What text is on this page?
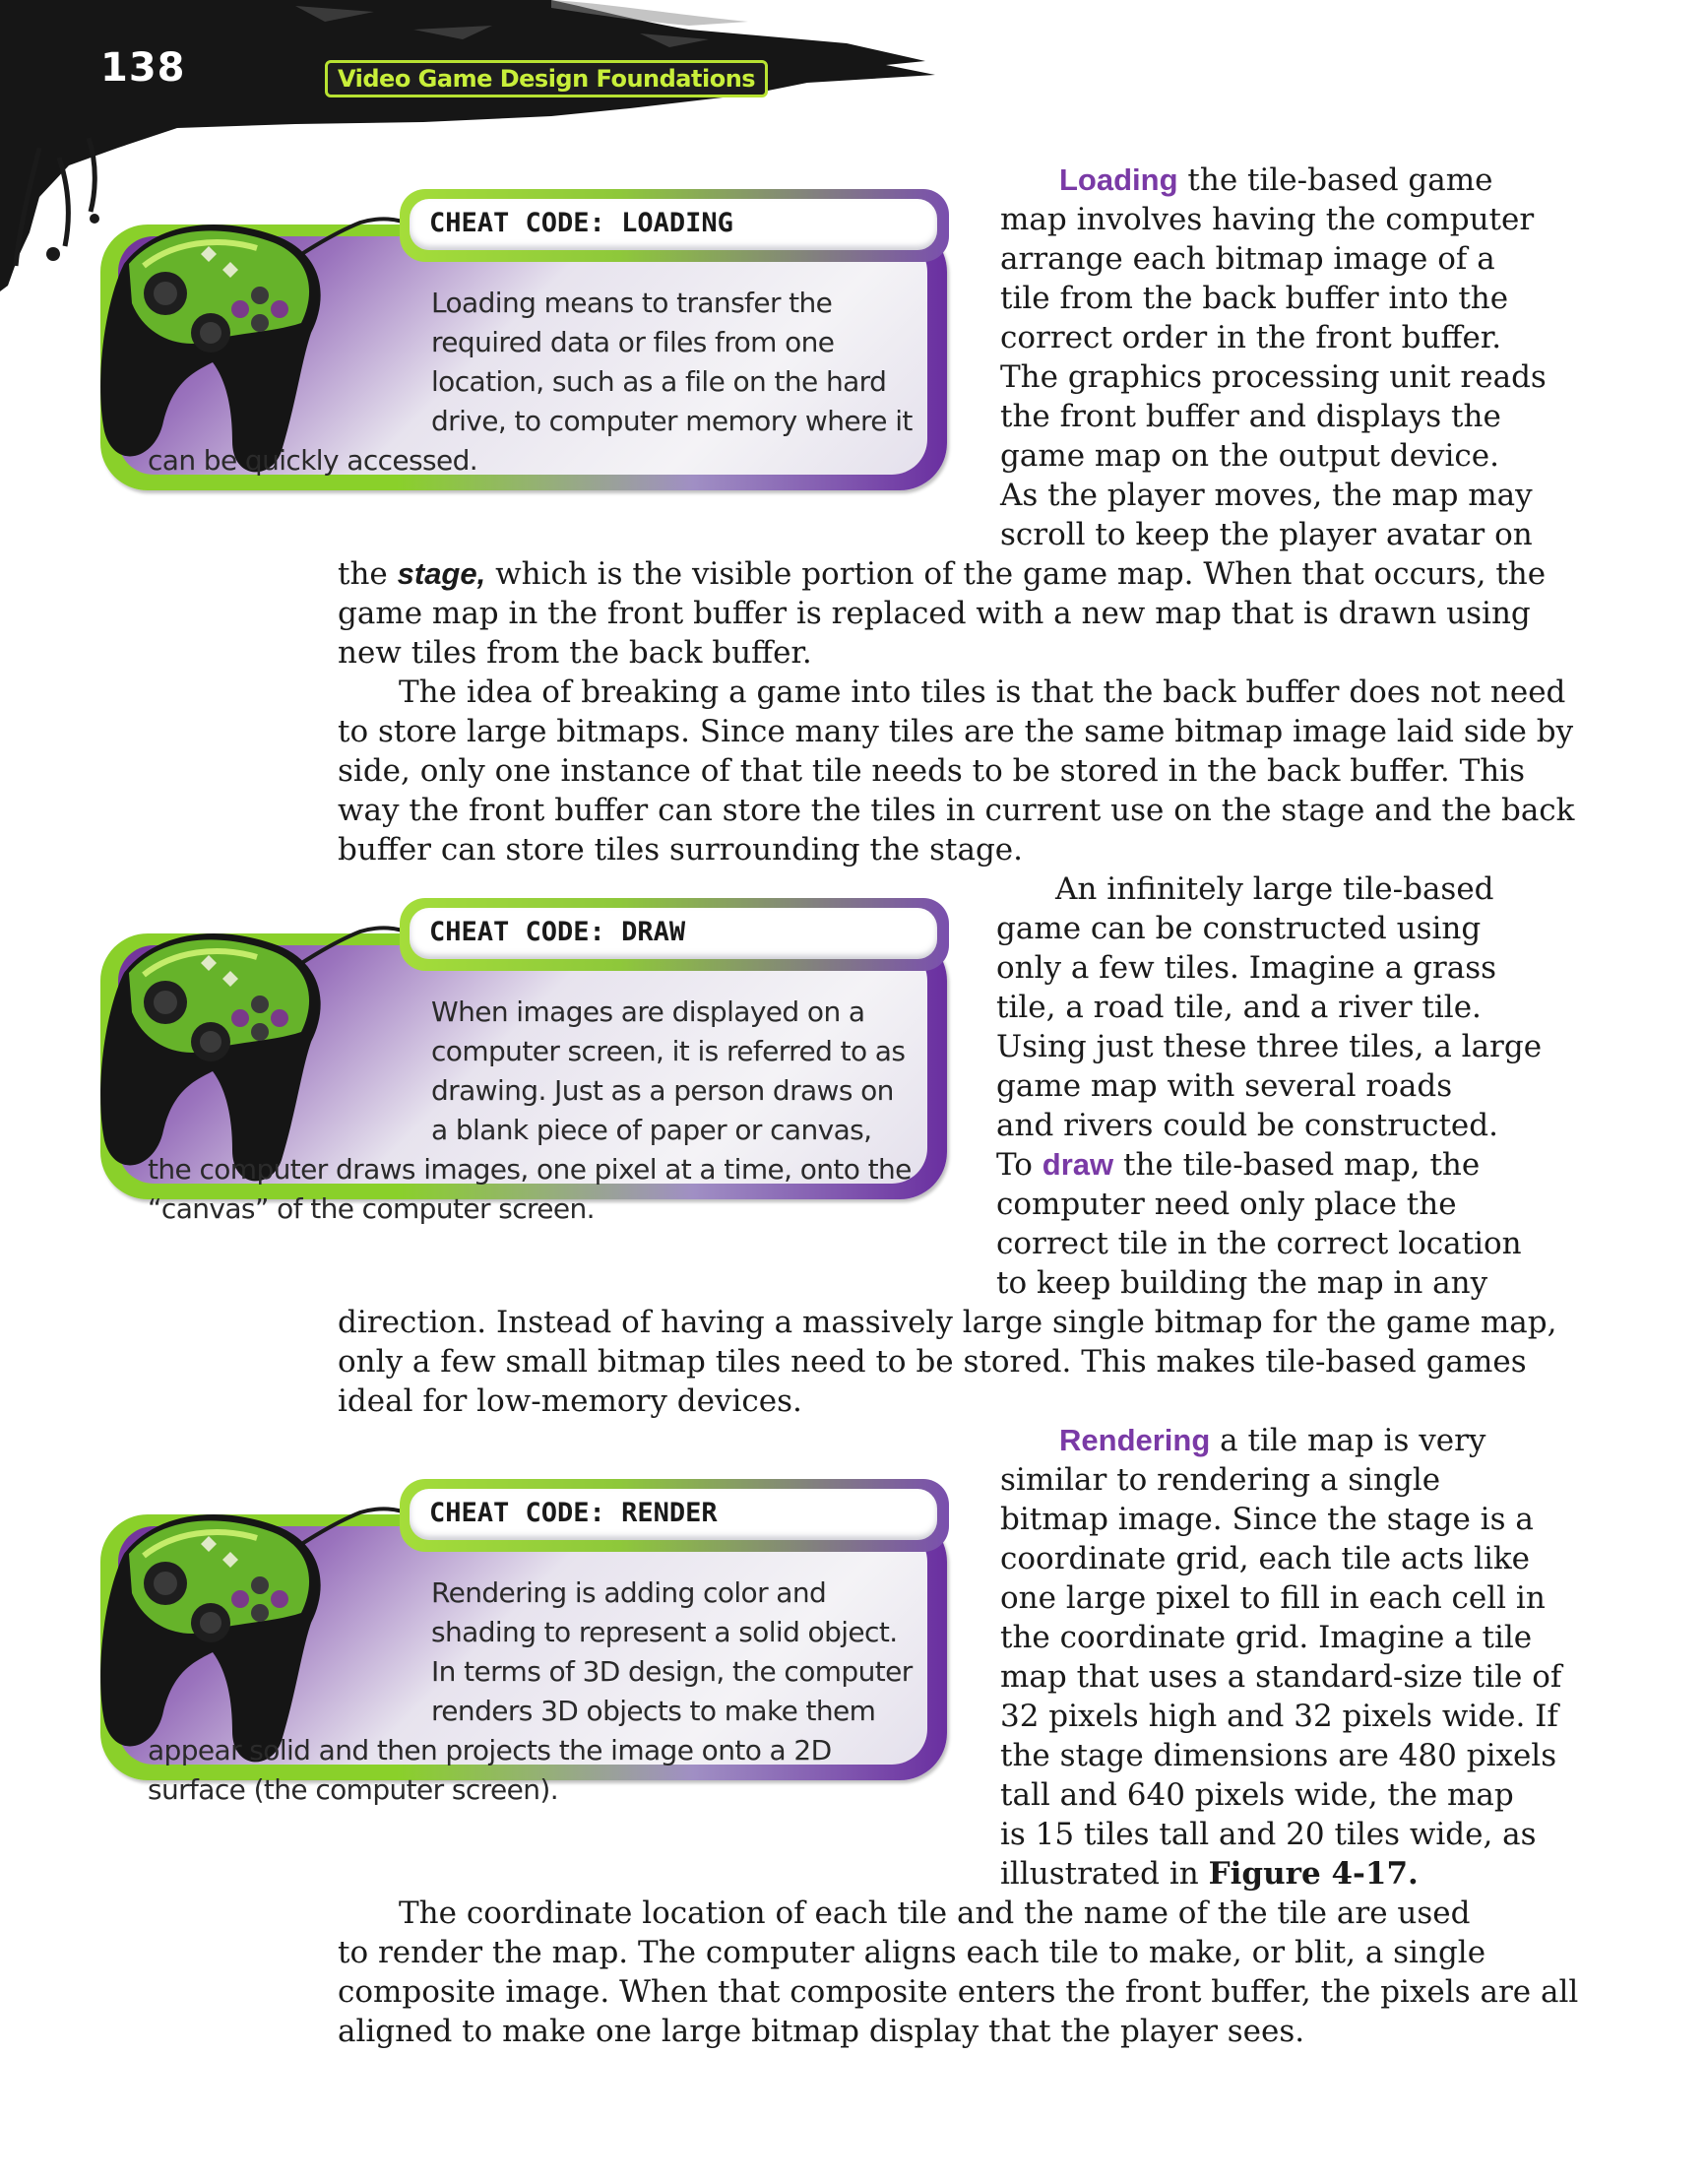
138	Video Game Design Foundations
CHEAT CODE: LOADING
Loading means to transfer the
required data or files from one
location, such as a file on the hard
drive, to computer memory where it
can be quickly accessed.
CHEAT CODE: DRAW
When images are displayed on a
computer screen, it is referred to as
drawing. Just as a person draws on
a blank piece of paper or canvas,
the computer draws images, one pixel at a time, onto the
“canvas” of the computer screen.
CHEAT CODE: RENDER
Rendering is adding color and
shading to represent a solid object.
In terms of 3D design, the computer
renders 3D objects to make them
appear solid and then projects the image onto a 2D
surface (the computer screen).
Loading the tile-based game
map involves having the computer
arrange each bitmap image of a
tile from the back buffer into the
correct order in the front buffer.
The graphics processing unit reads
the front buffer and displays the
game map on the output device.
As the player moves, the map may
scroll to keep the player avatar on
the stage, which is the visible portion of the game map. When that occurs, the
game map in the front buffer is replaced with a new map that is drawn using
new tiles from the back buffer.
The idea of breaking a game into tiles is that the back buffer does not need
to store large bitmaps. Since many tiles are the same bitmap image laid side by
side, only one instance of that tile needs to be stored in the back buffer. This
way the front buffer can store the tiles in current use on the stage and the back
buffer can store tiles surrounding the stage.
An infinitely large tile-based
game can be constructed using
only a few tiles. Imagine a grass
tile, a road tile, and a river tile.
Using just these three tiles, a large
game map with several roads
and rivers could be constructed.
To draw the tile-based map, the
computer need only place the
correct tile in the correct location
to keep building the map in any
direction. Instead of having a massively large single bitmap for the game map,
only a few small bitmap tiles need to be stored. This makes tile-based games
ideal for low-memory devices.
Rendering a tile map is very
similar to rendering a single
bitmap image. Since the stage is a
coordinate grid, each tile acts like
one large pixel to fill in each cell in
the coordinate grid. Imagine a tile
map that uses a standard-size tile of
32 pixels high and 32 pixels wide. If
the stage dimensions are 480 pixels
tall and 640 pixels wide, the map
is 15 tiles tall and 20 tiles wide, as
illustrated in Figure 4-17.
The coordinate location of each tile and the name of the tile are used
to render the map. The computer aligns each tile to make, or blit, a single
composite image. When that composite enters the front buffer, the pixels are all
aligned to make one large bitmap display that the player sees.
